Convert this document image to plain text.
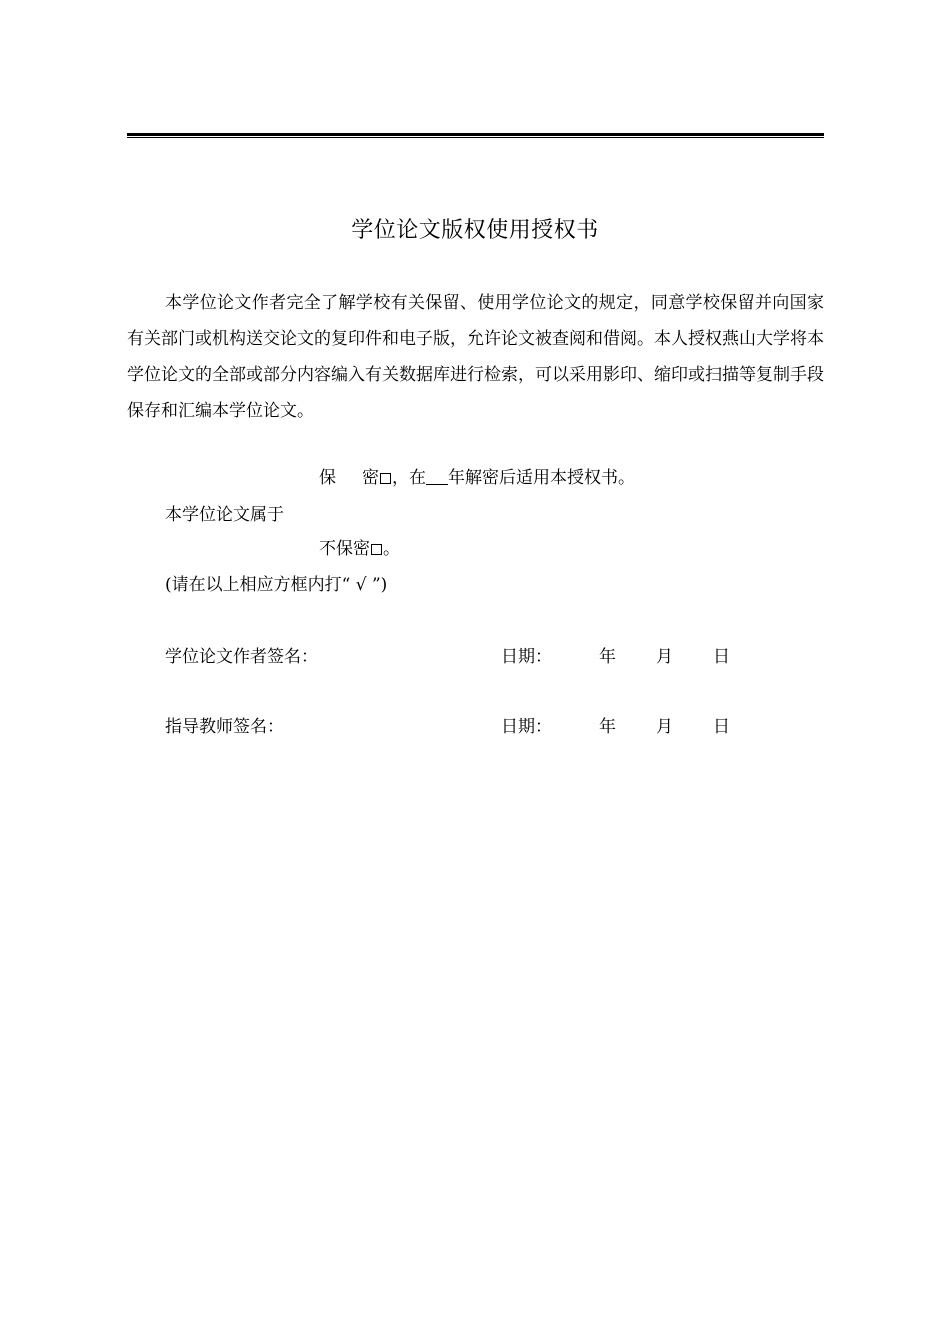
学位论文版权使用授权书

本学位论文作者完全了解学校有关保留、使用学位论文的规定，同意学校保留并向国家有关部门或机构送交论文的复印件和电子版，允许论文被查阅和借阅。本人授权燕山大学将本学位论文的全部或部分内容编入有关数据库进行检索，可以采用影印、缩印或扫描等复制手段保存和汇编本学位论文。

保 密 ，在 年解密后适用本授权书。
本学位论文属于
不保密 。
(请在以上相应方框内打“ √ ”)
学位论文作者签名：	日期：	年 月 日
指导教师签名：	日期：	年 月 日
